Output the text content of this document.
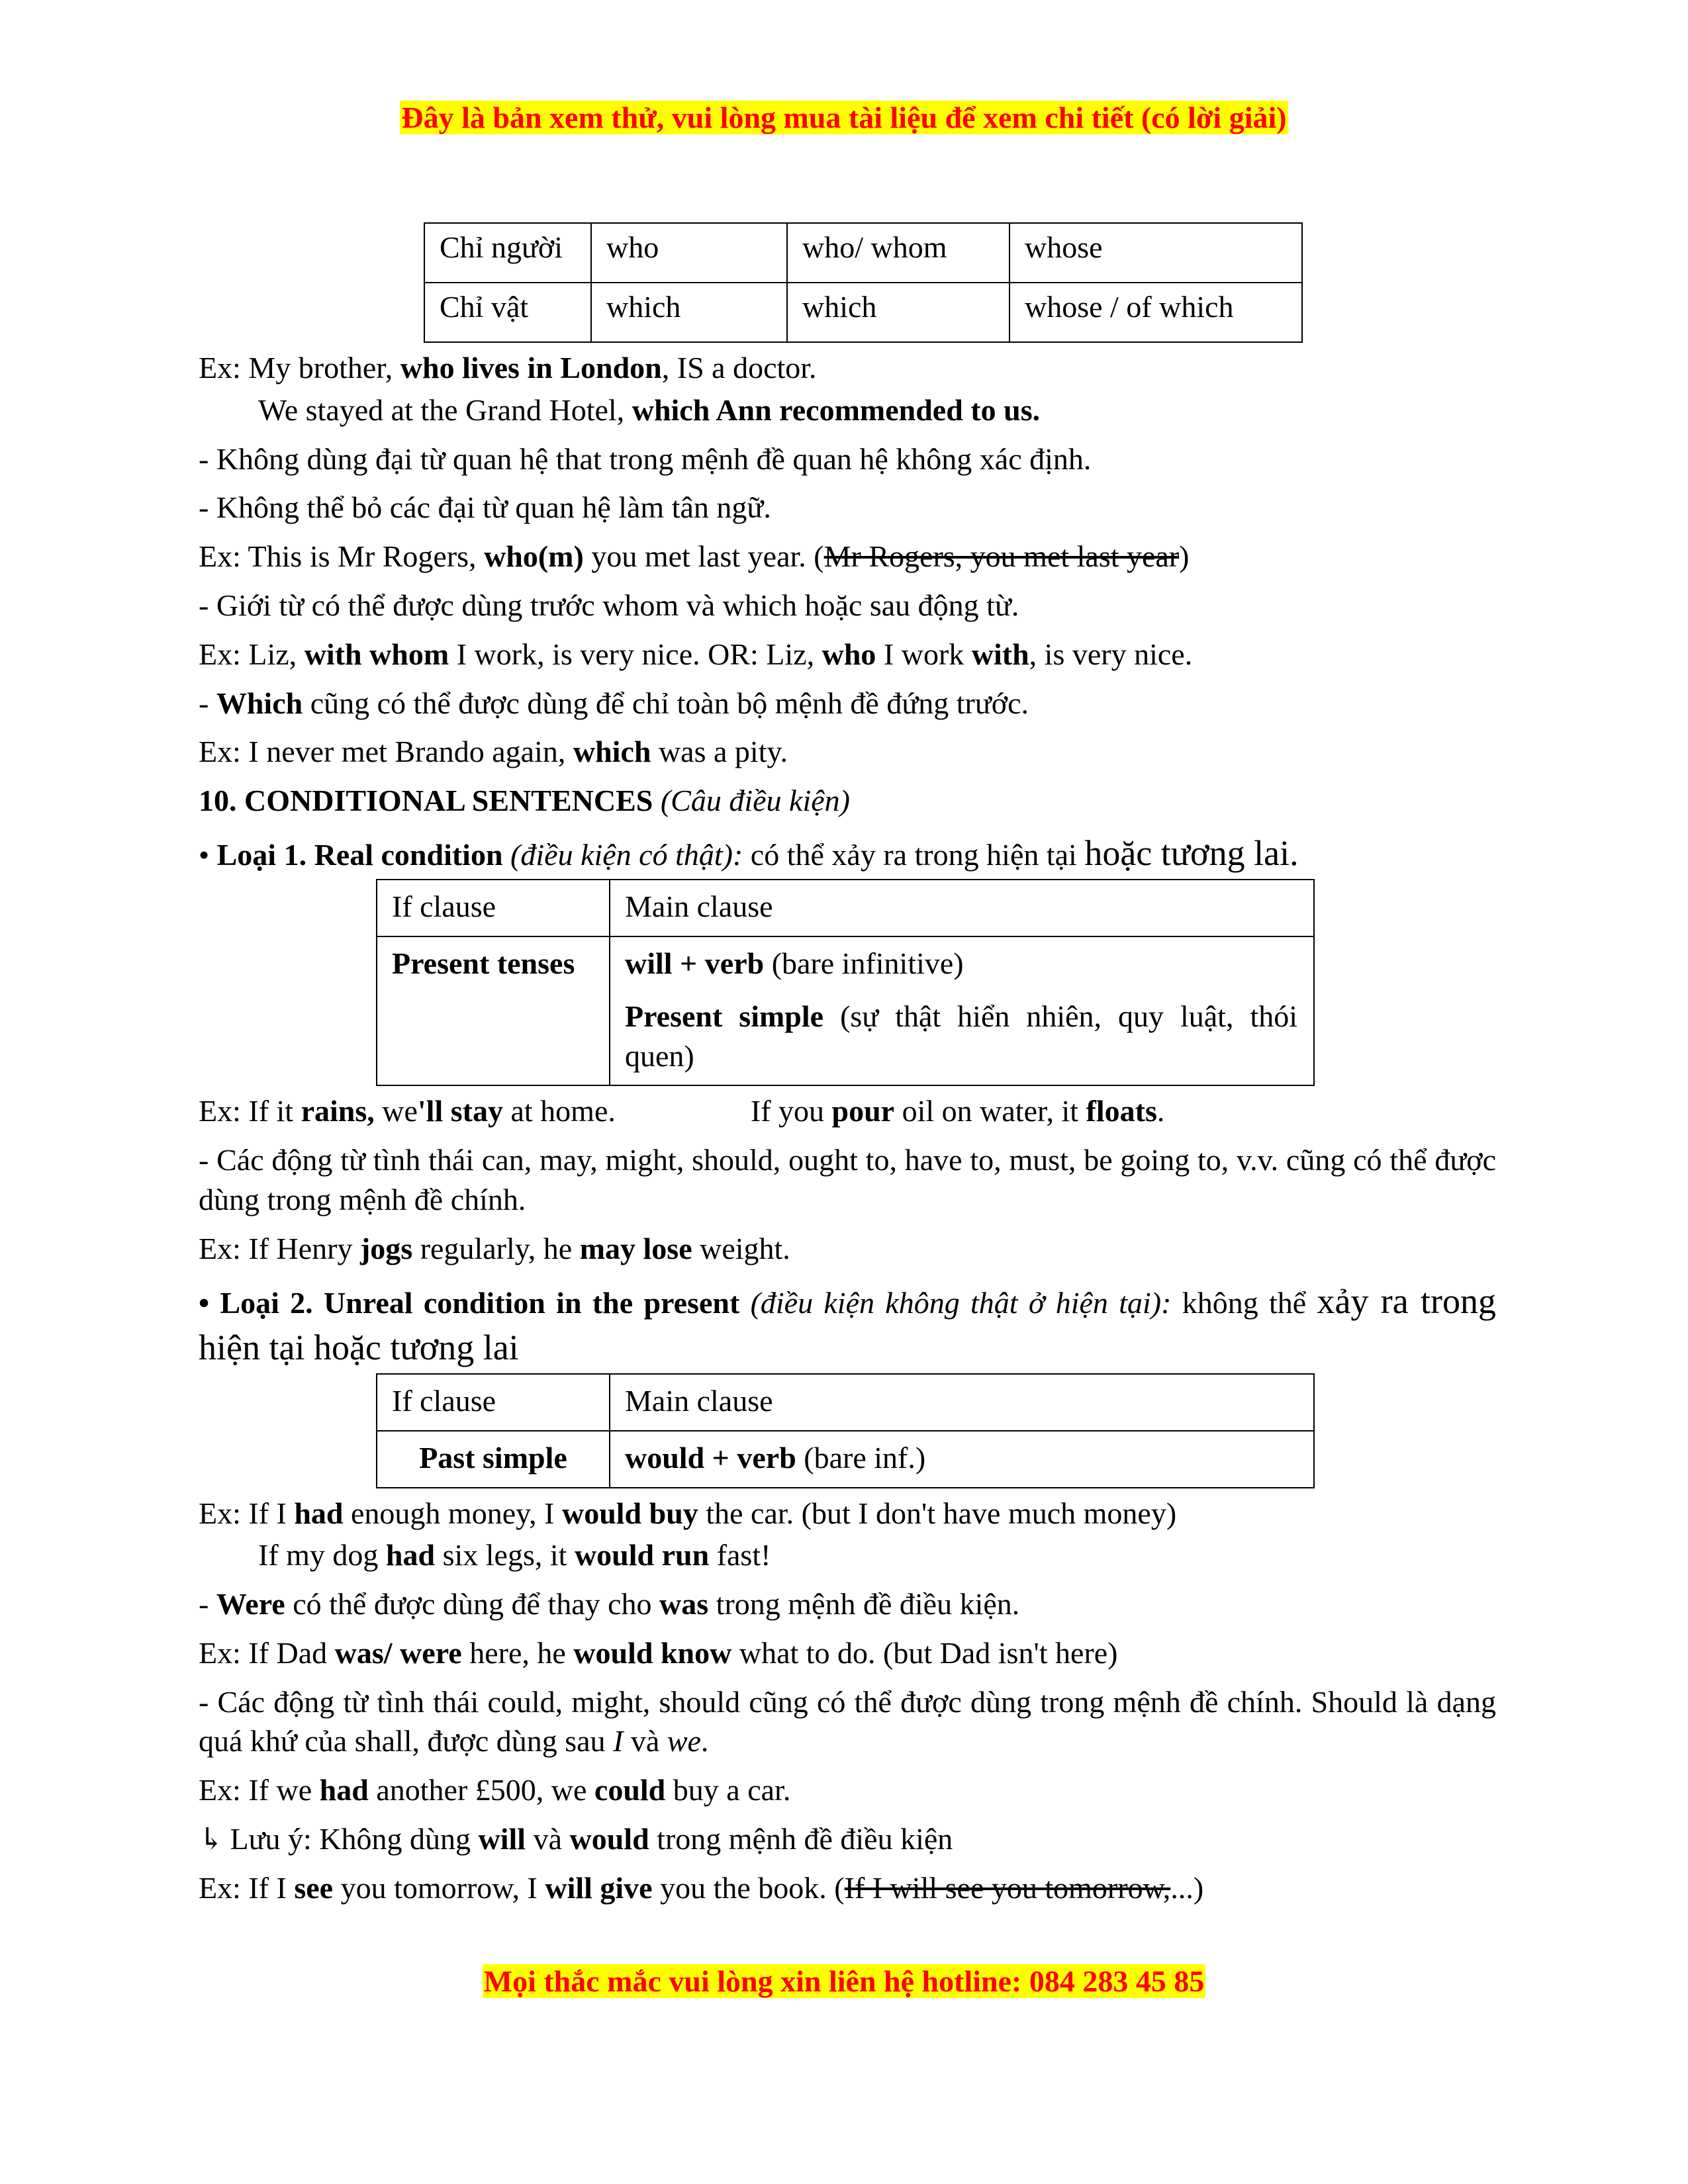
Đây là bản xem thử, vui lòng mua tài liệu để xem chi tiết (có lời giải)
Chỉ người	who	who/ whom	whose
Chỉ vật	which	which	whose / of which

Ex: My brother, who lives in London, IS a doctor.

We stayed at the Grand Hotel, which Ann recommended to us.

- Không dùng đại từ quan hệ that trong mệnh đề quan hệ không xác định.

- Không thể bỏ các đại từ quan hệ làm tân ngữ.

Ex: This is Mr Rogers, who(m) you met last year. (Mr Rogers, you met last year)

- Giới từ có thể được dùng trước whom và which hoặc sau động từ.

Ex: Liz, with whom I work, is very nice. OR: Liz, who I work with, is very nice.

- Which cũng có thể được dùng để chỉ toàn bộ mệnh đề đứng trước.

Ex: I never met Brando again, which was a pity.

10. CONDITIONAL SENTENCES (Câu điều kiện)

• Loại 1. Real condition (điều kiện có thật): có thể xảy ra trong hiện tại hoặc tương lai.

If clause	Main clause
Present tenses	will + verb (bare infinitive)

Present simple (sự thật hiển nhiên, quy luật, thói quen)

Ex: If it rains, we'll stay at home.	If you pour oil on water, it floats.

- Các động từ tình thái can, may, might, should, ought to, have to, must, be going to, v.v. cũng có thể được dùng trong mệnh đề chính.

Ex: If Henry jogs regularly, he may lose weight.

• Loại 2. Unreal condition in the present (điều kiện không thật ở hiện tại): không thể xảy ra trong hiện tại hoặc tương lai

If clause	Main clause
Past simple	would + verb (bare inf.)

Ex: If I had enough money, I would buy the car. (but I don't have much money)

If my dog had six legs, it would run fast!

- Were có thể được dùng để thay cho was trong mệnh đề điều kiện.

Ex: If Dad was/ were here, he would know what to do. (but Dad isn't here)

- Các động từ tình thái could, might, should cũng có thể được dùng trong mệnh đề chính. Should là dạng quá khứ của shall, được dùng sau I và we.

Ex: If we had another £500, we could buy a car.

↳ Lưu ý: Không dùng will và would trong mệnh đề điều kiện

Ex: If I see you tomorrow, I will give you the book. (If I will see you tomorrow,...)

Mọi thắc mắc vui lòng xin liên hệ hotline: 084 283 45 85
